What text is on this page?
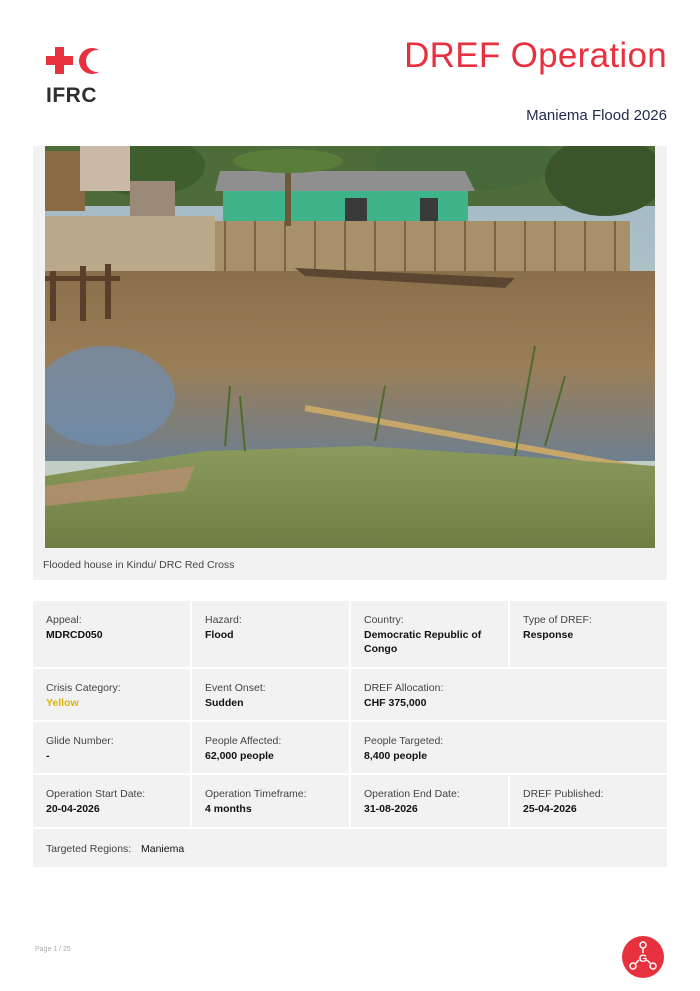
IFRC
DREF Operation
Maniema Flood 2026
Flooded house in Kindu/ DRC Red Cross
Appeal:
MDRCD050
Hazard:
Flood
Country:
Democratic Republic of Congo
Type of DREF:
Response
Crisis Category:
Yellow
Event Onset:
Sudden
DREF Allocation:
CHF 375,000
Glide Number:
-
People Affected:
62,000 people
People Targeted:
8,400 people
Operation Start Date:
20-04-2026
Operation Timeframe:
4 months
Operation End Date:
31-08-2026
DREF Published:
25-04-2026
Targeted Regions: Maniema
Page 1 / 25
G
